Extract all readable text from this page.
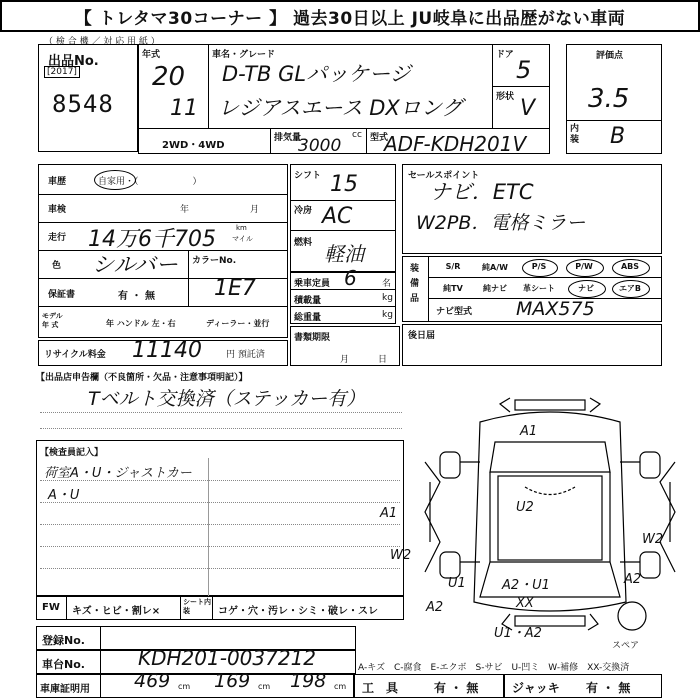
【 トレタマ30コーナー 】 過去30日以上 JU岐阜に出品歴がない車両
（ 検 合 機 ／ 対 応 用 紙 ）
出品No.
[2017]
8548
年式
20
11
車名・グレード
D-TB GLパッケージ
レジアスエース DXロング
ドア
5
形状 V
2WD・4WD
排気量	cc
3000	型式
ADF-KDH201V
評価点
3.5
内装 B
車歴	自家用・（　　　　　　）
車検	年	月
走行 14万6千705	km
マイル
色 シルバー カラーNo.
1E7
保証書	有 ・ 無
モデル 年 式	年 ハンドル 左・右	ディーラー・並行
リサイクル料金 11140	円 預託済
シフト 15
冷房 AC
燃料 軽油
乗車定員 6	名
積載量	kg
総重量	kg
書類期限
月	日
セールスポイント
ナビ．ETC
W2PB．電格ミラー
装備品
S/R	純A/W	P/S	P/W	ABS
純TV	純ナビ	革シート	ナビ	エアB
ナビ型式 MAX575
後日届
【出品店申告欄（不良箇所・欠品・注意事項明記）】
Tベルト交換済（ステッカー有）
【検査員記入】
荷室A・U・ジャストカー
A・U
FW キズ・ヒビ・割レ×
シート内装	コゲ・穴・汚レ・シミ・破レ・スレ
A1
A1	U2
W2
W2
U1	A2・U1
A2	XX
U1・A2
A2
スペア
A-キズ　C-腐食　E-エクボ　S-サビ　U-凹ミ　W-補修　XX-交換済
登録No.
車台No.	KDH201-0037212
車庫証明用 469 cm 169 cm 198 cm 工　具	有 ・ 無	ジャッキ 有 ・ 無
